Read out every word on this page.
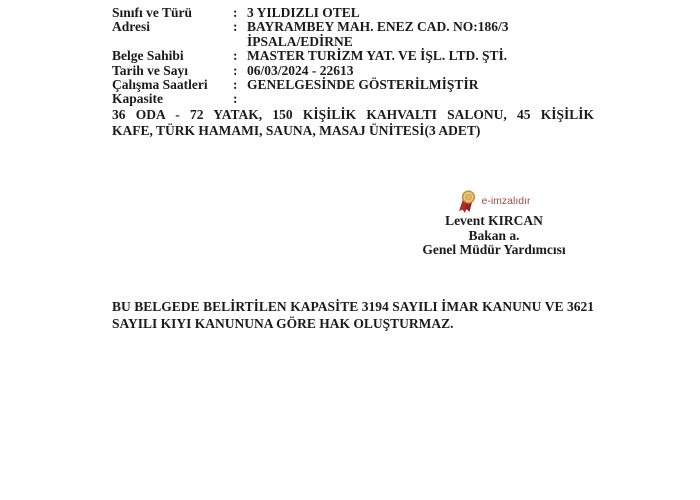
Sınıfı ve Türü	: 3 YILDIZLI OTEL
Adresi	: BAYRAMBEY MAH. ENEZ CAD. NO:186/3
İPSALA/EDİRNE
Belge Sahibi	: MASTER TURİZM YAT. VE İŞL. LTD. ŞTİ.
Tarih ve Sayı	: 06/03/2024 - 22613
Çalışma Saatleri	: GENELGESİNDE GÖSTERİLMİŞTİR
Kapasite	:
36 ODA - 72 YATAK, 150 KİŞİLİK KAHVALTI SALONU, 45 KİŞİLİK
KAFE, TÜRK HAMAMI, SAUNA, MASAJ ÜNİTESİ(3 ADET)
e-imzalıdır
Levent KIRCAN
Bakan a.
Genel Müdür Yardımcısı
BU BELGEDE BELİRTİLEN KAPASİTE 3194 SAYILI İMAR KANUNU VE 3621
SAYILI KIYI KANUNUNA GÖRE HAK OLUŞTURMAZ.
